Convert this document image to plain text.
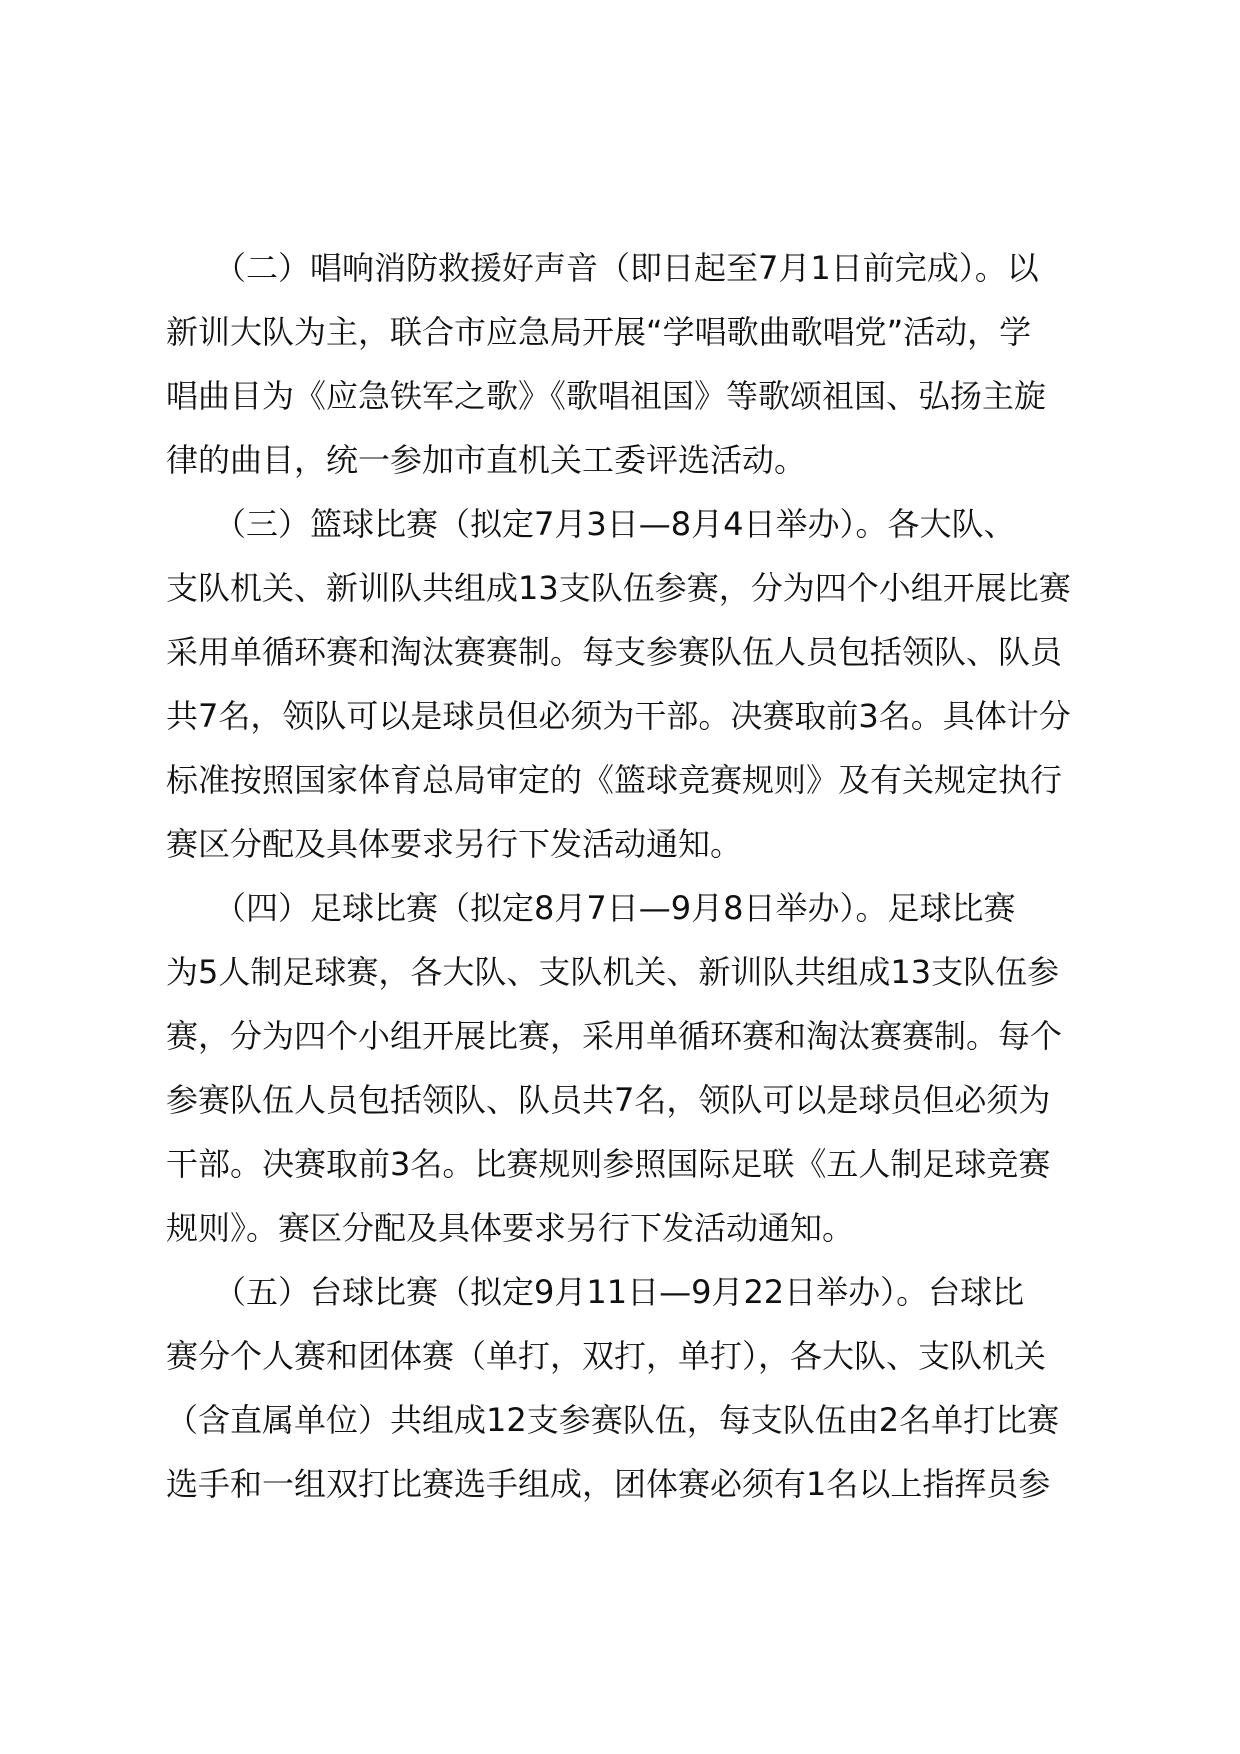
　　（二）唱响消防救援好声音（即日起至7月1日前完成）。以
新训大队为主，联合市应急局开展“学唱歌曲歌唱党”活动，学
唱曲目为《应急铁军之歌》《歌唱祖国》等歌颂祖国、弘扬主旋
律的曲目，统一参加市直机关工委评选活动。
　　（三）篮球比赛（拟定7月3日—8月4日举办）。各大队、
支队机关、新训队共组成13支队伍参赛，分为四个小组开展比赛
采用单循环赛和淘汰赛赛制。每支参赛队伍人员包括领队、队员
共7名，领队可以是球员但必须为干部。决赛取前3名。具体计分
标准按照国家体育总局审定的《篮球竞赛规则》及有关规定执行
赛区分配及具体要求另行下发活动通知。
　　（四）足球比赛（拟定8月7日—9月8日举办）。足球比赛
为5人制足球赛，各大队、支队机关、新训队共组成13支队伍参
赛，分为四个小组开展比赛，采用单循环赛和淘汰赛赛制。每个
参赛队伍人员包括领队、队员共7名，领队可以是球员但必须为
干部。决赛取前3名。比赛规则参照国际足联《五人制足球竞赛
规则》。赛区分配及具体要求另行下发活动通知。
　　（五）台球比赛（拟定9月11日—9月22日举办）。台球比
赛分个人赛和团体赛（单打，双打，单打），各大队、支队机关
（含直属单位）共组成12支参赛队伍，每支队伍由2名单打比赛
选手和一组双打比赛选手组成，团体赛必须有1名以上指挥员参
